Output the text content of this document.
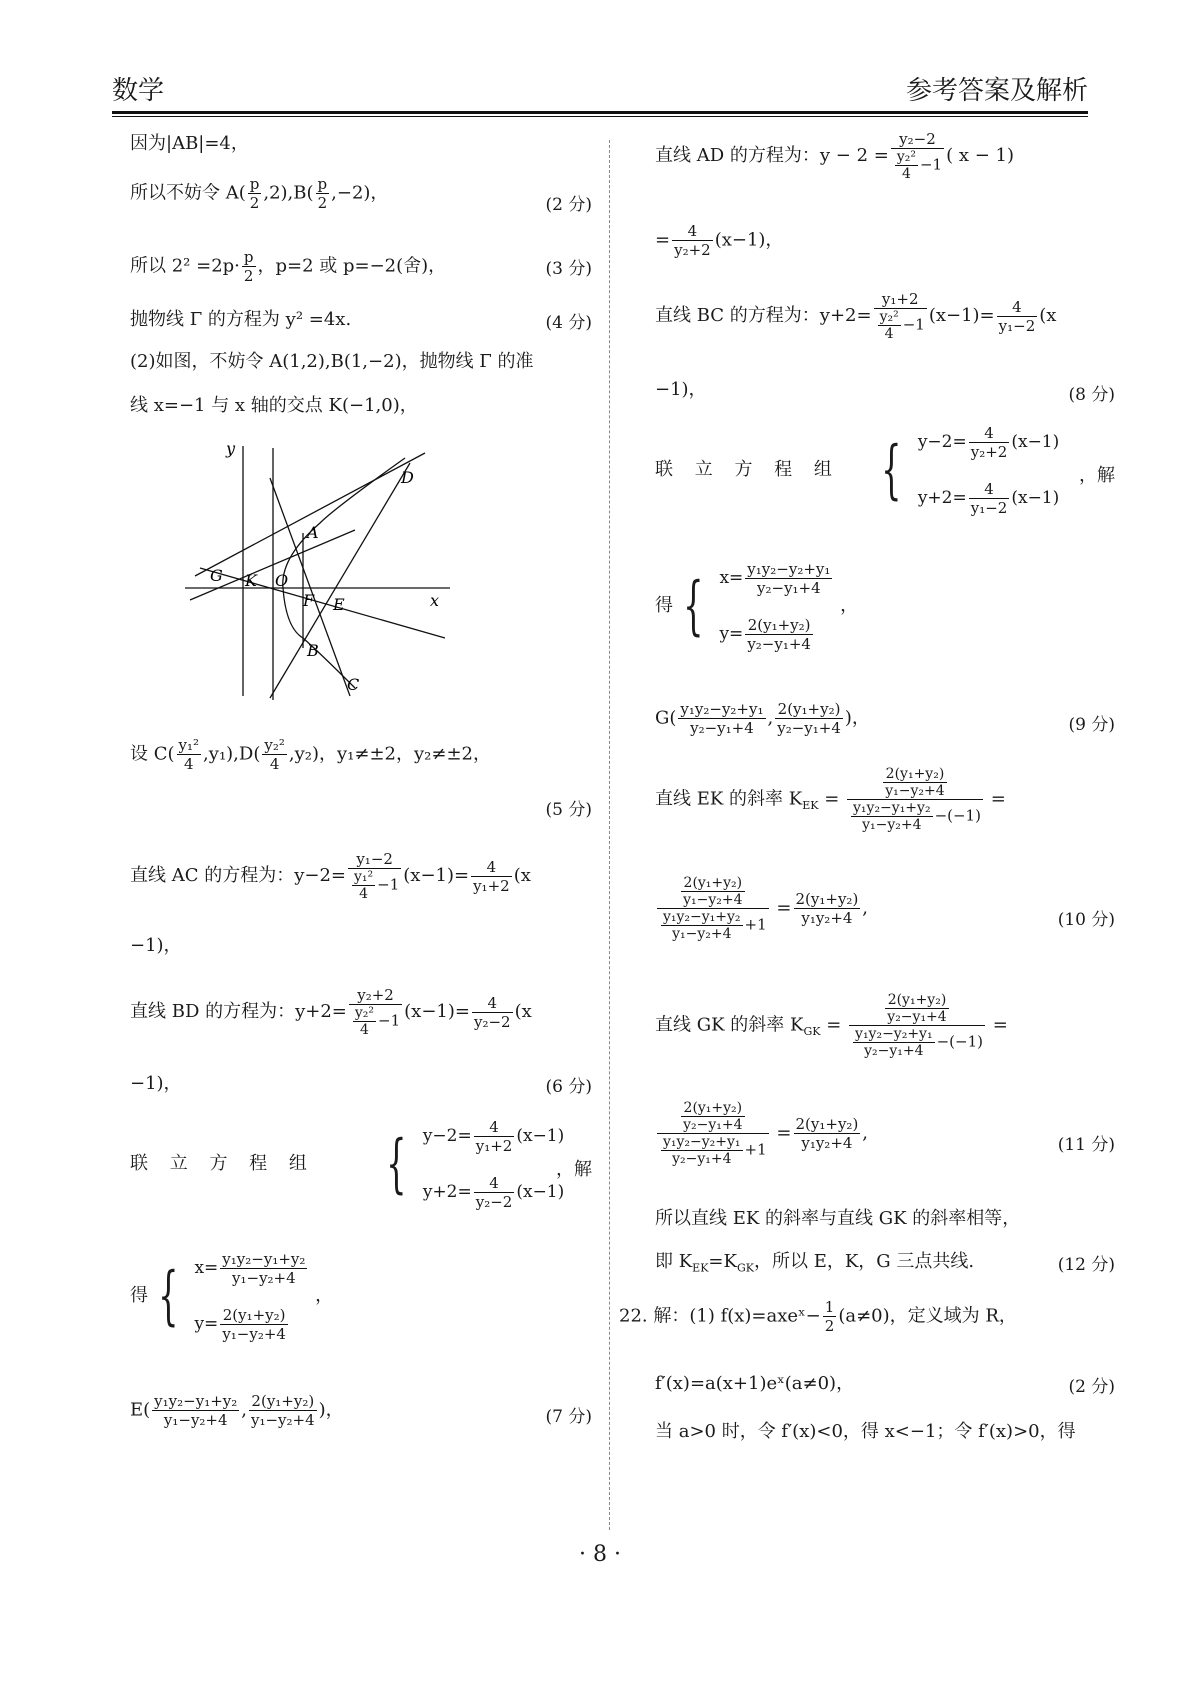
数学	参考答案及解析
因为|AB|=4，
所以不妨令 $A( \frac{p}{2} ,2),B( \frac{p}{2} ,-2)$，
(2 分)
所以 $2^2 =2p\cdot \frac{p}{2}$ ，p=2 或 p=−2(舍)，	(3 分)
抛物线 Γ 的方程为 y² =4x.	(4 分)
(2)如图，不妨令 A(1,2),B(1,−2)，抛物线 Γ 的准
线 x=−1 与 x 轴的交点 K(−1,0)，
y
x
D
A
G K O
F E
B
C
设 $C( \frac{\text{y₁²}}{4} ,y_1),D( \frac{\text{y₂²}}{4} ,y_2)$，y₁≠±2，y₂≠±2，
(5 分)
直线 AC 的方程为：$y-2= \frac{\text{y₁−2}}{\frac{\text{y₁²}}{4} -1} (x-1)= \frac{4}{\text{y₁+2}} (x$
−1)，
直线 BD 的方程为：$y+2= \frac{\text{y₂+2}}{\frac{\text{y₂²}}{4} -1} (x-1)= \frac{4}{\text{y₂−2}} (x$
−1)，	(6 分)
联 立 方 程 组 { $y-2= \frac{4}{\text{y₁+2}} (x-1)$
$y+2= \frac{4}{\text{y₂−2}} (x-1)$
，解
得 { $x= \frac{\text{y₁y₂−y₁+y₂}}{\text{y₁−y₂+4}}$
$y= \frac{\text{2(y₁+y₂)}}{\text{y₁−y₂+4}}$
，
$E( \frac{\text{y₁y₂−y₁+y₂}}{\text{y₁−y₂+4}}$ , $\frac{\text{2(y₁+y₂)}}{\text{y₁−y₂+4}}$ )，	(7 分)
直线 AD 的方程为：$y - 2 = \frac{\text{y₂−2}}{\frac{\text{y₂²}}{4} -1}$ ( x − 1)
= $\frac{4}{\text{y₂+2}} (x-1)$，
直线 BC 的方程为：$y+2= \frac{\text{y₁+2}}{\frac{\text{y₂²}}{4} -1} (x-1)= \frac{4}{\text{y₁−2}} (x$
−1)，	(8 分)
联 立 方 程 组 { $y-2= \frac{4}{\text{y₂+2}} (x-1)$
$y+2= \frac{4}{\text{y₁−2}} (x-1)$
，解
得 { $x= \frac{\text{y₁y₂−y₂+y₁}}{\text{y₂−y₁+4}}$
$y= \frac{\text{2(y₁+y₂)}}{\text{y₂−y₁+4}}$
，
$G( \frac{\text{y₁y₂−y₂+y₁}}{\text{y₂−y₁+4}}$ , $\frac{\text{2(y₁+y₂)}}{\text{y₂−y₁+4}}$ )，	(9 分)
直线 EK 的斜率 $K_{EK} = \frac{\frac{\text{2(y₁+y₂)}}{\text{y₁−y₂+4}}}{\frac{\text{y₁y₂−y₁+y₂}}{\text{y₁−y₂+4}} -(-1)}$ =
$\frac{\frac{\text{2(y₁+y₂)}}{\text{y₁−y₂+4}}}{\frac{\text{y₁y₂−y₁+y₂}}{\text{y₁−y₂+4}} +1} = \frac{\text{2(y₁+y₂)}}{\text{y₁y₂+4}}$ ,
(10 分)
直线 GK 的斜率 $K_{GK} = \frac{\frac{\text{2(y₁+y₂)}}{\text{y₂−y₁+4}}}{\frac{\text{y₁y₂−y₂+y₁}}{\text{y₂−y₁+4}} -(-1)}$ =
$\frac{\frac{\text{2(y₁+y₂)}}{\text{y₂−y₁+4}}}{\frac{\text{y₁y₂−y₂+y₁}}{\text{y₂−y₁+4}} +1} = \frac{\text{2(y₁+y₂)}}{\text{y₁y₂+4}}$ ,
(11 分)
所以直线 EK 的斜率与直线 GK 的斜率相等，
即 $K_{EK}=K_{GK}$，所以 E，K，G 三点共线.	(12 分)
22. 解：(1) f(x)=axeˣ− $\frac{1}{2} (a\ne 0)$，定义域为 R，
f′(x)=a(x+1)eˣ(a≠0)，	(2 分)
当 a>0 时，令 f′(x)<0，得 x<−1；令 f′(x)>0，得
· 8 ·
